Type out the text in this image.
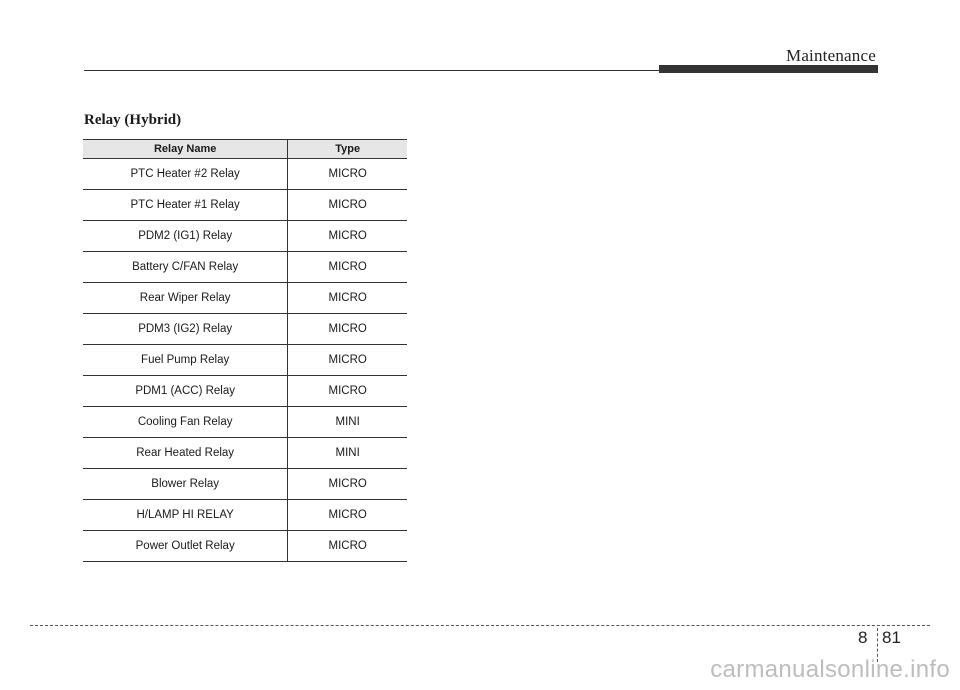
Maintenance
Relay (Hybrid)
Relay Name	Type
PTC Heater #2 Relay	MICRO
PTC Heater #1 Relay	MICRO
PDM2 (IG1) Relay	MICRO
Battery C/FAN Relay	MICRO
Rear Wiper Relay	MICRO
PDM3 (IG2) Relay	MICRO
Fuel Pump Relay	MICRO
PDM1 (ACC) Relay	MICRO
Cooling Fan Relay	MINI
Rear Heated Relay	MINI
Blower Relay	MICRO
H/LAMP HI RELAY	MICRO
Power Outlet Relay	MICRO
8 81
carmanualsonline.info
